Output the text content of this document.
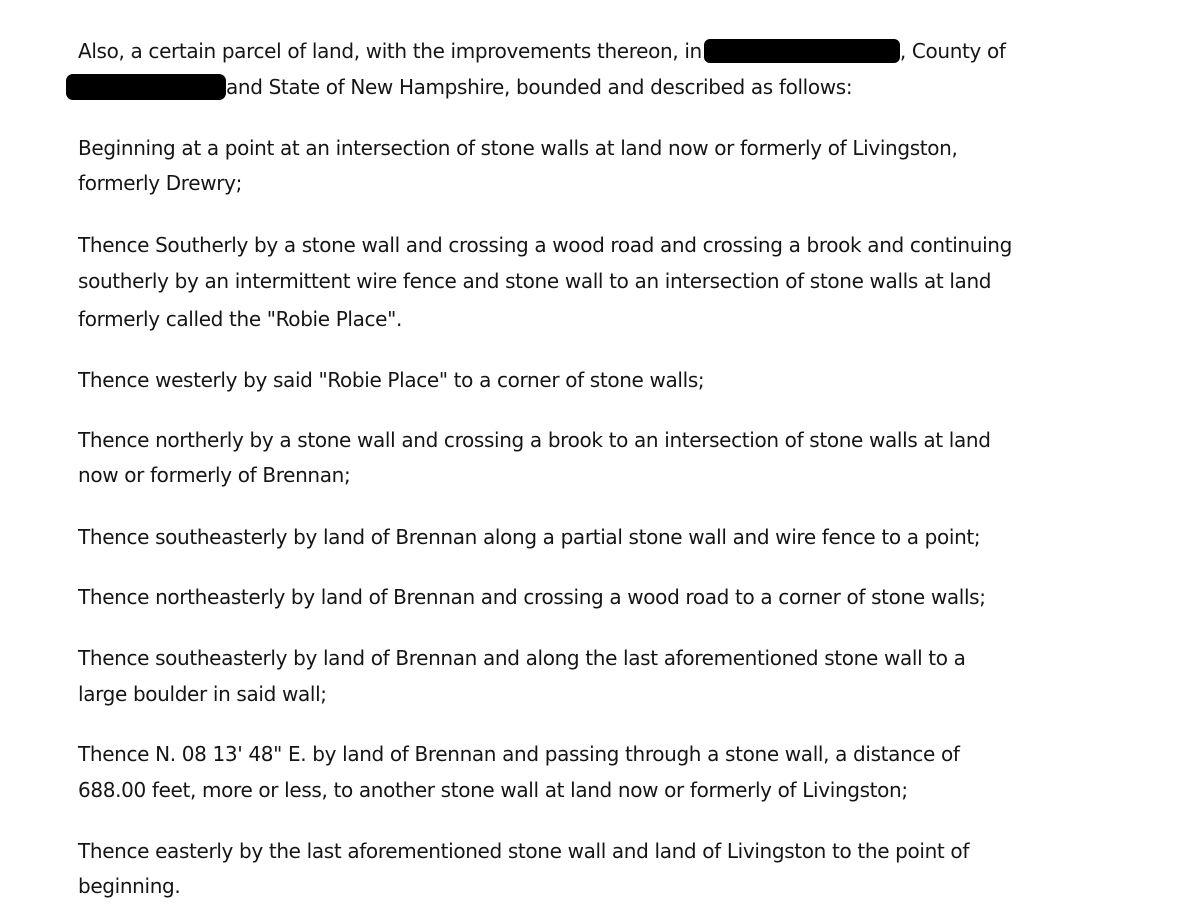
Also, a certain parcel of land, with the improvements thereon, in	, County of
and State of New Hampshire, bounded and described as follows:
Beginning at a point at an intersection of stone walls at land now or formerly of Livingston,
formerly Drewry;
Thence Southerly by a stone wall and crossing a wood road and crossing a brook and continuing
southerly by an intermittent wire fence and stone wall to an intersection of stone walls at land
formerly called the "Robie Place".
Thence westerly by said "Robie Place" to a corner of stone walls;
Thence northerly by a stone wall and crossing a brook to an intersection of stone walls at land
now or formerly of Brennan;
Thence southeasterly by land of Brennan along a partial stone wall and wire fence to a point;
Thence northeasterly by land of Brennan and crossing a wood road to a corner of stone walls;
Thence southeasterly by land of Brennan and along the last aforementioned stone wall to a
large boulder in said wall;
Thence N. 08 13' 48" E. by land of Brennan and passing through a stone wall, a distance of
688.00 feet, more or less, to another stone wall at land now or formerly of Livingston;
Thence easterly by the last aforementioned stone wall and land of Livingston to the point of
beginning.
